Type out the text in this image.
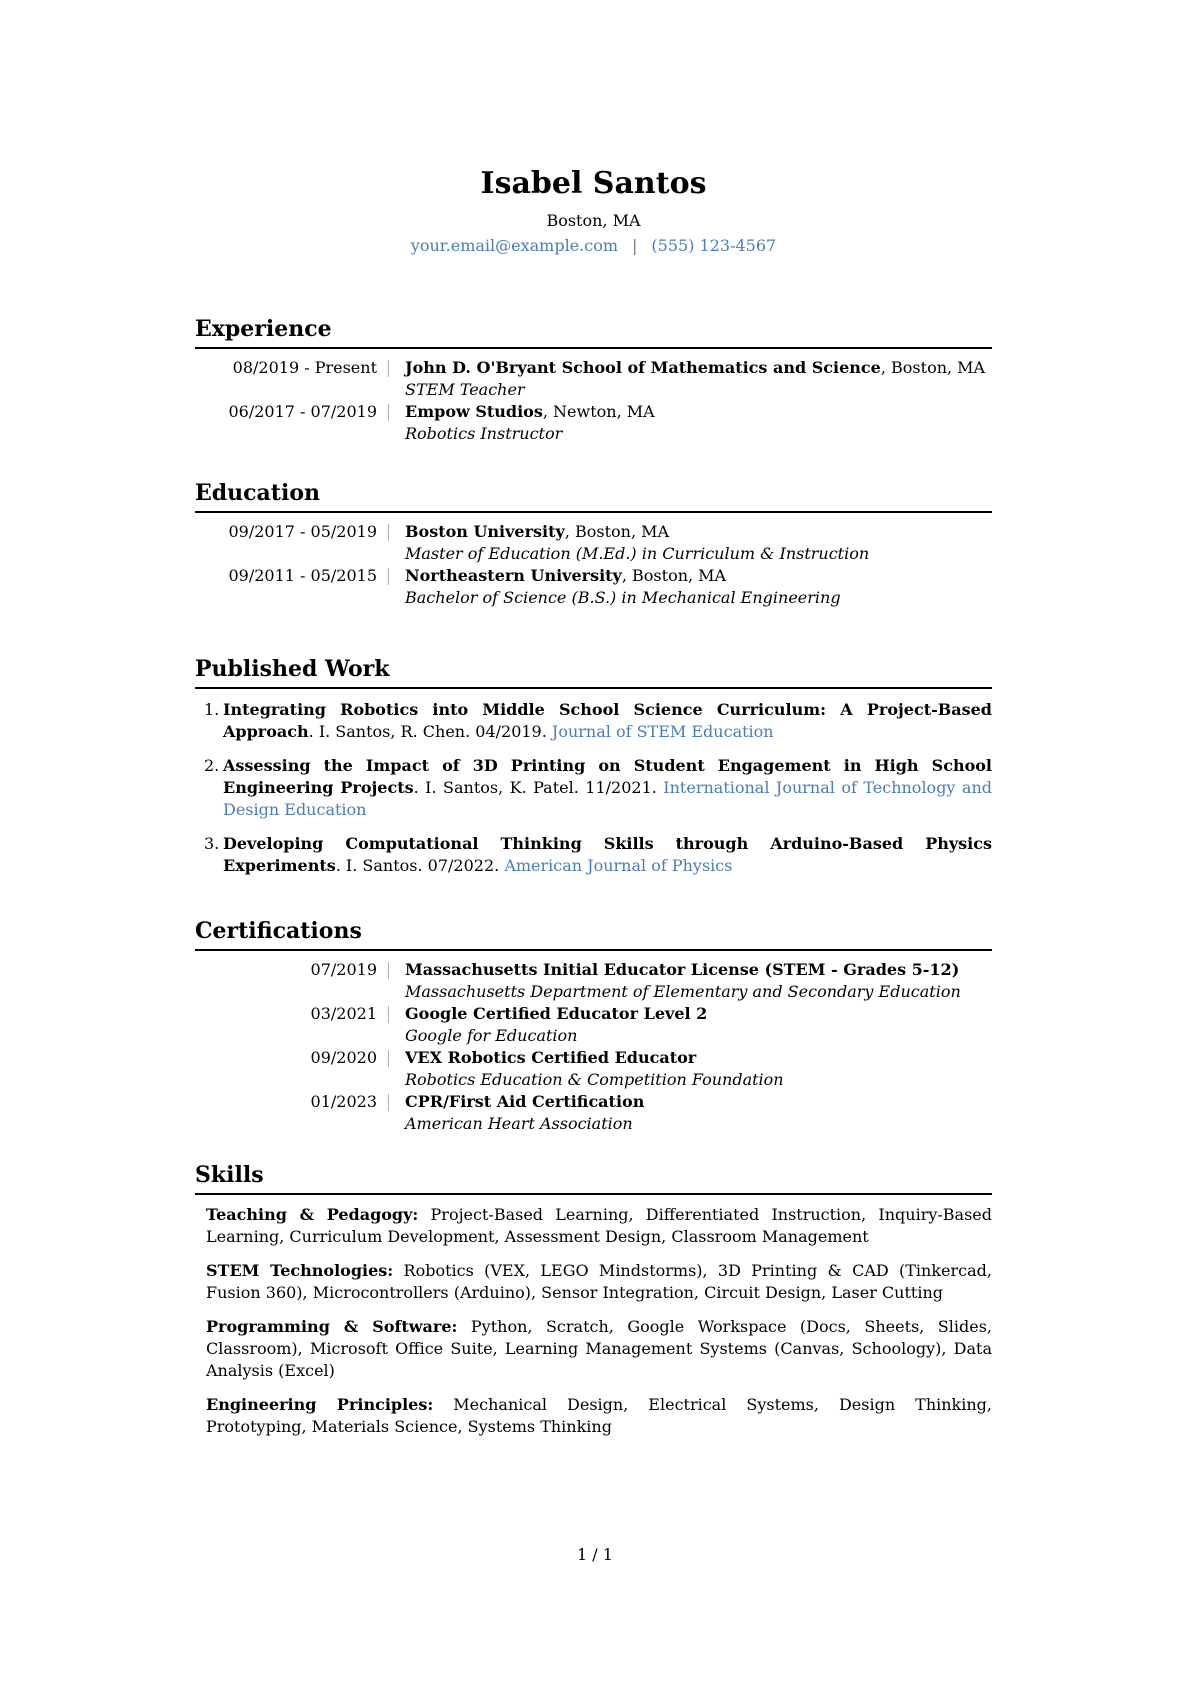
Isabel Santos
Boston, MA
your.email@example.com | (555) 123-4567
Experience
08/2019 - Present John D. O'Bryant School of Mathematics and Science, Boston, MA
STEM Teacher
06/2017 - 07/2019 Empow Studios, Newton, MA
Robotics Instructor
Education
09/2017 - 05/2019 Boston University, Boston, MA
Master of Education (M.Ed.) in Curriculum & Instruction
09/2011 - 05/2015 Northeastern University, Boston, MA
Bachelor of Science (B.S.) in Mechanical Engineering
Published Work
1. Integrating Robotics into Middle School Science Curriculum: A Project-Based Approach. I. Santos, R. Chen. 04/2019. Journal of STEM Education
2. Assessing the Impact of 3D Printing on Student Engagement in High School Engineering Projects. I. Santos, K. Patel. 11/2021. International Journal of Technology and Design Education
3. Developing Computational Thinking Skills through Arduino-Based Physics Experiments. I. Santos. 07/2022. American Journal of Physics
Certifications
07/2019 Massachusetts Initial Educator License (STEM - Grades 5-12)
Massachusetts Department of Elementary and Secondary Education
03/2021 Google Certified Educator Level 2
Google for Education
09/2020 VEX Robotics Certified Educator
Robotics Education & Competition Foundation
01/2023 CPR/First Aid Certification
American Heart Association
Skills

Teaching & Pedagogy: Project-Based Learning, Differentiated Instruction, Inquiry-Based Learning, Curriculum Development, Assessment Design, Classroom Management

STEM Technologies: Robotics (VEX, LEGO Mindstorms), 3D Printing & CAD (Tinkercad, Fusion 360), Microcontrollers (Arduino), Sensor Integration, Circuit Design, Laser Cutting

Programming & Software: Python, Scratch, Google Workspace (Docs, Sheets, Slides, Classroom), Microsoft Office Suite, Learning Management Systems (Canvas, Schoology), Data Analysis (Excel)

Engineering Principles: Mechanical Design, Electrical Systems, Design Thinking, Prototyping, Materials Science, Systems Thinking

1 / 1
